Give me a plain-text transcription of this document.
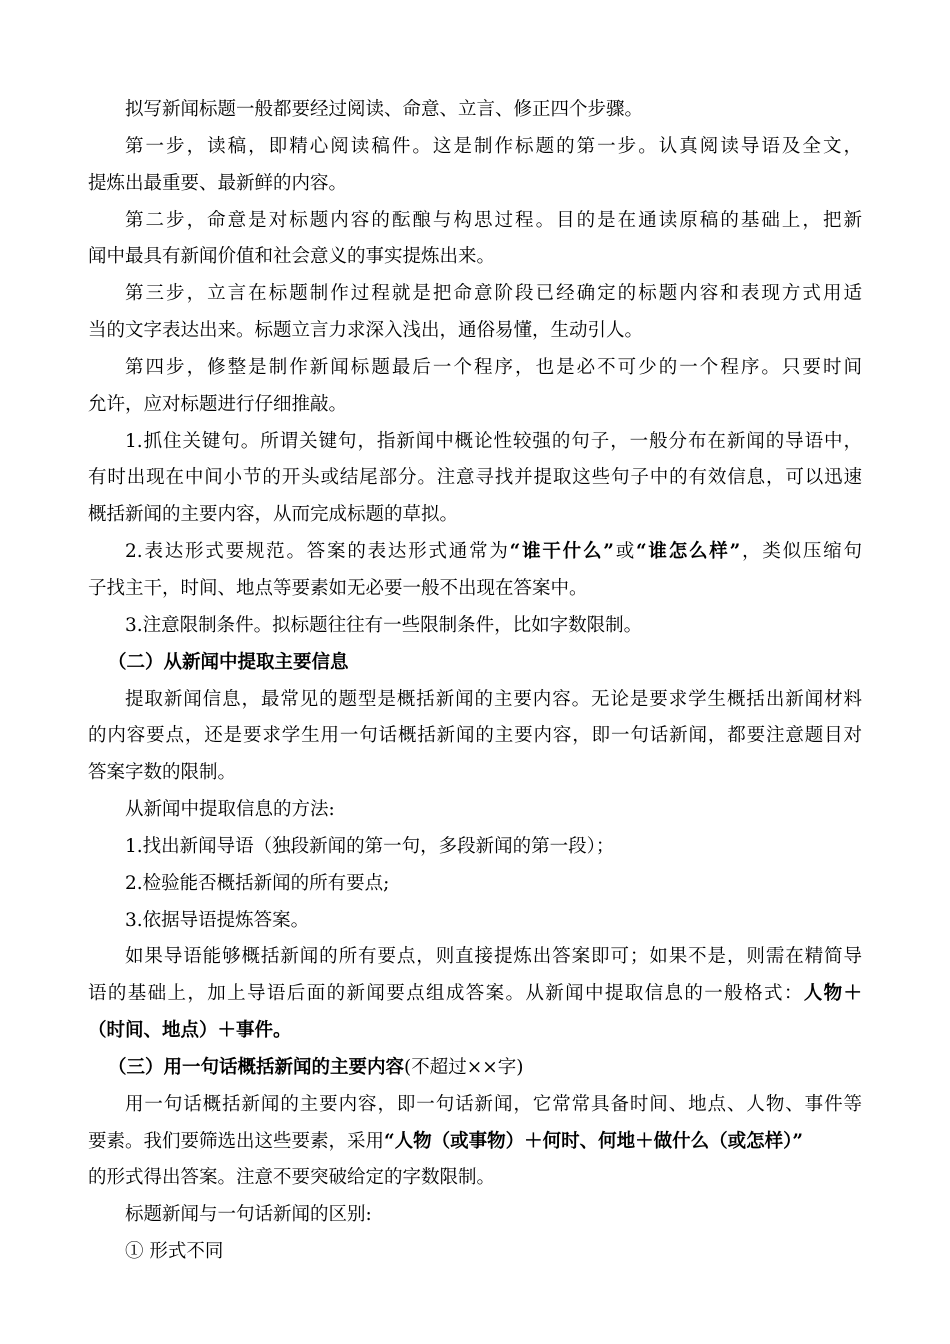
拟写新闻标题一般都要经过阅读、命意、立言、修正四个步骤。
第一步，读稿，即精心阅读稿件。这是制作标题的第一步。认真阅读导语及全文，
提炼出最重要、最新鲜的内容。
第二步，命意是对标题内容的酝酿与构思过程。目的是在通读原稿的基础上，把新
闻中最具有新闻价值和社会意义的事实提炼出来。
第三步，立言在标题制作过程就是把命意阶段已经确定的标题内容和表现方式用适
当的文字表达出来。标题立言力求深入浅出，通俗易懂，生动引人。
第四步，修整是制作新闻标题最后一个程序，也是必不可少的一个程序。只要时间
允许，应对标题进行仔细推敲。
1.抓住关键句。所谓关键句，指新闻中概论性较强的句子，一般分布在新闻的导语中，
有时出现在中间小节的开头或结尾部分。注意寻找并提取这些句子中的有效信息，可以迅速
概括新闻的主要内容，从而完成标题的草拟。
2.表达形式要规范。答案的表达形式通常为“谁干什么”或“谁怎么样”，类似压缩句
子找主干，时间、地点等要素如无必要一般不出现在答案中。
3.注意限制条件。拟标题往往有一些限制条件，比如字数限制。
（二）从新闻中提取主要信息
提取新闻信息，最常见的题型是概括新闻的主要内容。无论是要求学生概括出新闻材料
的内容要点，还是要求学生用一句话概括新闻的主要内容，即一句话新闻，都要注意题目对
答案字数的限制。
从新闻中提取信息的方法:
1.找出新闻导语（独段新闻的第一句，多段新闻的第一段）；
2.检验能否概括新闻的所有要点;
3.依据导语提炼答案。
如果导语能够概括新闻的所有要点，则直接提炼出答案即可；如果不是，则需在精简导
语的基础上，加上导语后面的新闻要点组成答案。从新闻中提取信息的一般格式：人物＋
（时间、地点）＋事件。
（三）用一句话概括新闻的主要内容(不超过××字)
用一句话概括新闻的主要内容，即一句话新闻，它常常具备时间、地点、人物、事件等
要素。我们要筛选出这些要素，采用“人物（或事物）＋何时、何地＋做什么（或怎样）”
的形式得出答案。注意不要突破给定的字数限制。
标题新闻与一句话新闻的区别:
① 形式不同
